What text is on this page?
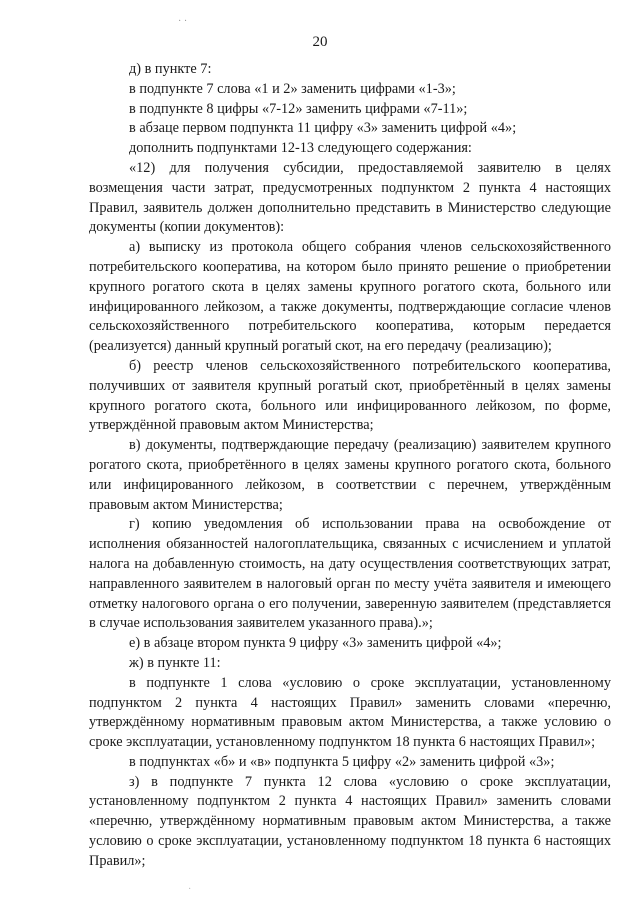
· ·
20

д) в пункте 7:

в подпункте 7 слова «1 и 2» заменить цифрами «1-3»;

в подпункте 8 цифры «7-12» заменить цифрами «7-11»;

в абзаце первом подпункта 11 цифру «3» заменить цифрой «4»;

дополнить подпунктами 12-13 следующего содержания:

«12) для получения субсидии, предоставляемой заявителю в целях возмещения части затрат, предусмотренных подпунктом 2 пункта 4 настоящих Правил, заявитель должен дополнительно представить в Министерство следующие документы (копии документов):

а) выписку из протокола общего собрания членов сельскохозяйственного потребительского кооператива, на котором было принято решение о приобретении крупного рогатого скота в целях замены крупного рогатого скота, больного или инфицированного лейкозом, а также документы, подтверждающие согласие членов сельскохозяйственного потребительского кооператива, которым передается (реализуется) данный крупный рогатый скот, на его передачу (реализацию);

б) реестр членов сельскохозяйственного потребительского кооператива, получивших от заявителя крупный рогатый скот, приобретённый в целях замены крупного рогатого скота, больного или инфицированного лейкозом, по форме, утверждённой правовым актом Министерства;

в) документы, подтверждающие передачу (реализацию) заявителем крупного рогатого скота, приобретённого в целях замены крупного рогатого скота, больного или инфицированного лейкозом, в соответствии с перечнем, утверждённым правовым актом Министерства;

г) копию уведомления об использовании права на освобождение от исполнения обязанностей налогоплательщика, связанных с исчислением и уплатой налога на добавленную стоимость, на дату осуществления соответствующих затрат, направленного заявителем в налоговый орган по месту учёта заявителя и имеющего отметку налогового органа о его получении, заверенную заявителем (представляется в случае использования заявителем указанного права).»;

е) в абзаце втором пункта 9 цифру «3» заменить цифрой «4»;

ж) в пункте 11:

в подпункте 1 слова «условию о сроке эксплуатации, установленному подпунктом 2 пункта 4 настоящих Правил» заменить словами «перечню, утверждённому нормативным правовым актом Министерства, а также условию о сроке эксплуатации, установленному подпунктом 18 пункта 6 настоящих Правил»;

в подпунктах «б» и «в» подпункта 5 цифру «2» заменить цифрой «3»;

з) в подпункте 7 пункта 12 слова «условию о сроке эксплуатации, установленному подпунктом 2 пункта 4 настоящих Правил» заменить словами «перечню, утверждённому нормативным правовым актом Министерства, а также условию о сроке эксплуатации, установленному подпунктом 18 пункта 6 настоящих Правил»;

·
